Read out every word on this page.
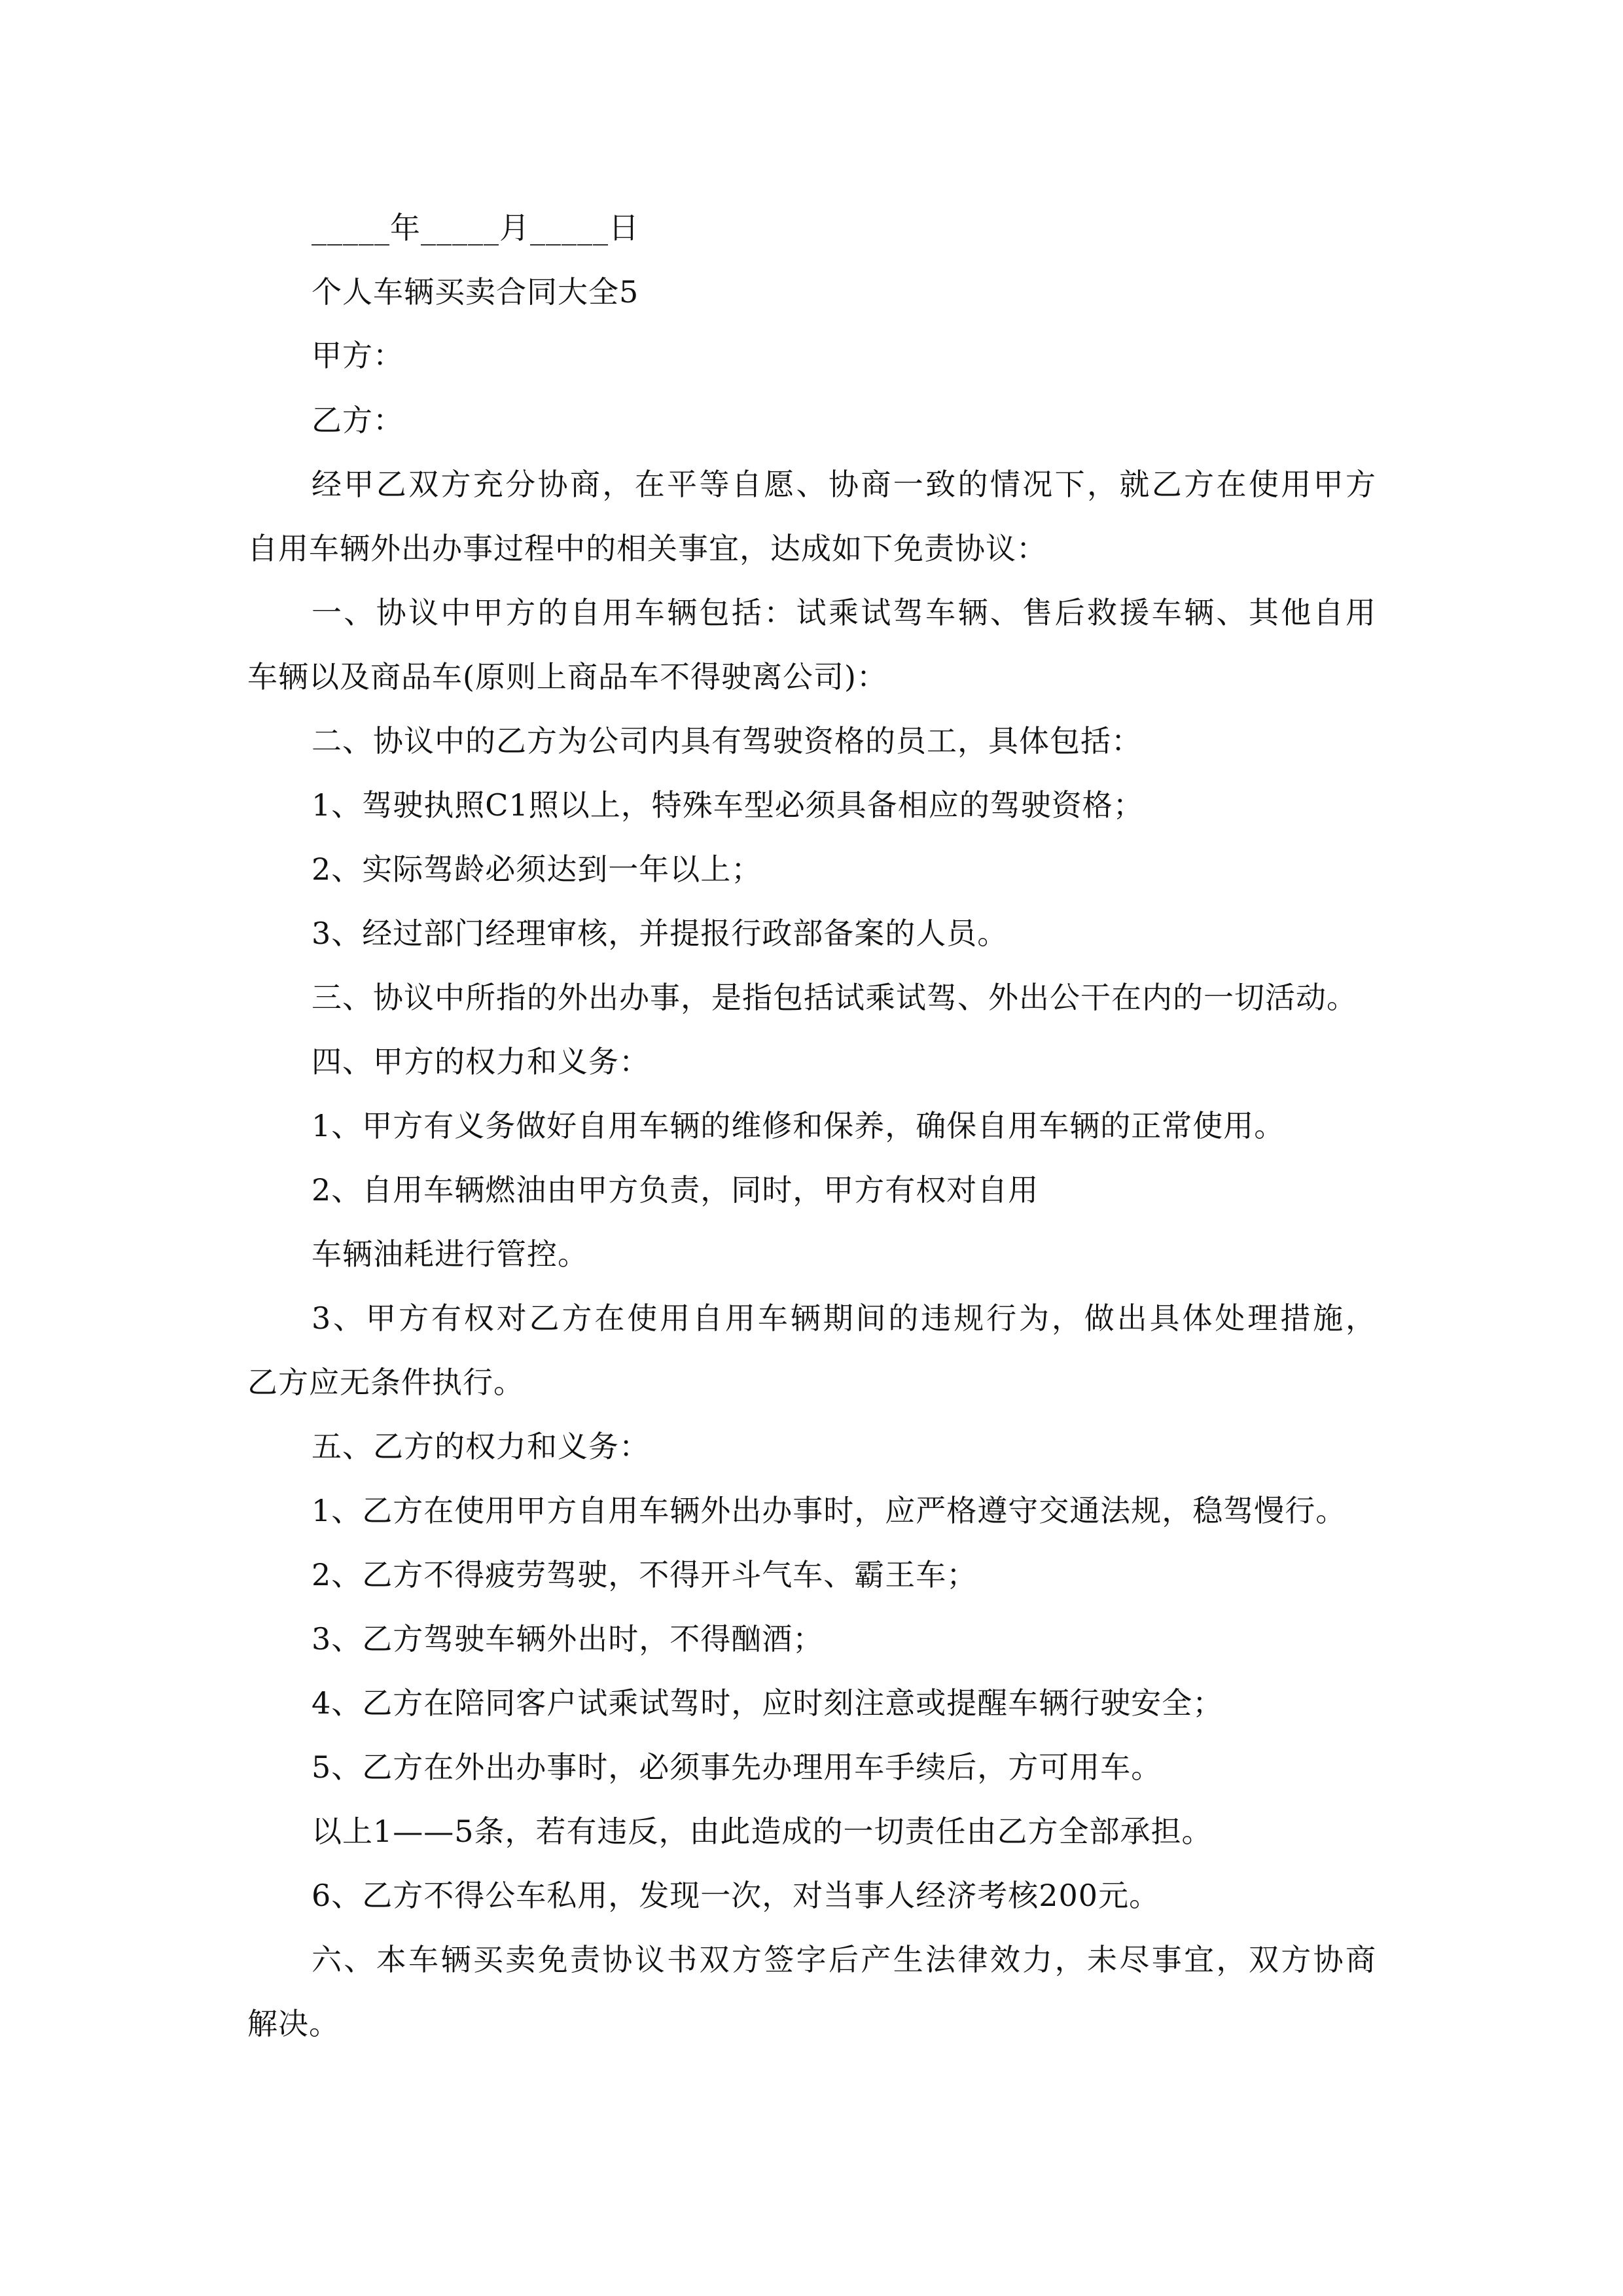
_____年_____月_____日
个人车辆买卖合同大全5
甲方：
乙方：
经甲乙双方充分协商，在平等自愿、协商一致的情况下，就乙方在使用甲方
自用车辆外出办事过程中的相关事宜，达成如下免责协议：
一、协议中甲方的自用车辆包括：试乘试驾车辆、售后救援车辆、其他自用
车辆以及商品车(原则上商品车不得驶离公司)：
二、协议中的乙方为公司内具有驾驶资格的员工，具体包括：
1、驾驶执照C1照以上，特殊车型必须具备相应的驾驶资格；
2、实际驾龄必须达到一年以上；
3、经过部门经理审核，并提报行政部备案的人员。
三、协议中所指的外出办事，是指包括试乘试驾、外出公干在内的一切活动。
四、甲方的权力和义务：
1、甲方有义务做好自用车辆的维修和保养，确保自用车辆的正常使用。
2、自用车辆燃油由甲方负责，同时，甲方有权对自用
车辆油耗进行管控。
3、甲方有权对乙方在使用自用车辆期间的违规行为，做出具体处理措施，
乙方应无条件执行。
五、乙方的权力和义务：
1、乙方在使用甲方自用车辆外出办事时，应严格遵守交通法规，稳驾慢行。
2、乙方不得疲劳驾驶，不得开斗气车、霸王车；
3、乙方驾驶车辆外出时，不得酗酒；
4、乙方在陪同客户试乘试驾时，应时刻注意或提醒车辆行驶安全；
5、乙方在外出办事时，必须事先办理用车手续后，方可用车。
以上1——5条，若有违反，由此造成的一切责任由乙方全部承担。
6、乙方不得公车私用，发现一次，对当事人经济考核200元。
六、本车辆买卖免责协议书双方签字后产生法律效力，未尽事宜，双方协商
解决。
